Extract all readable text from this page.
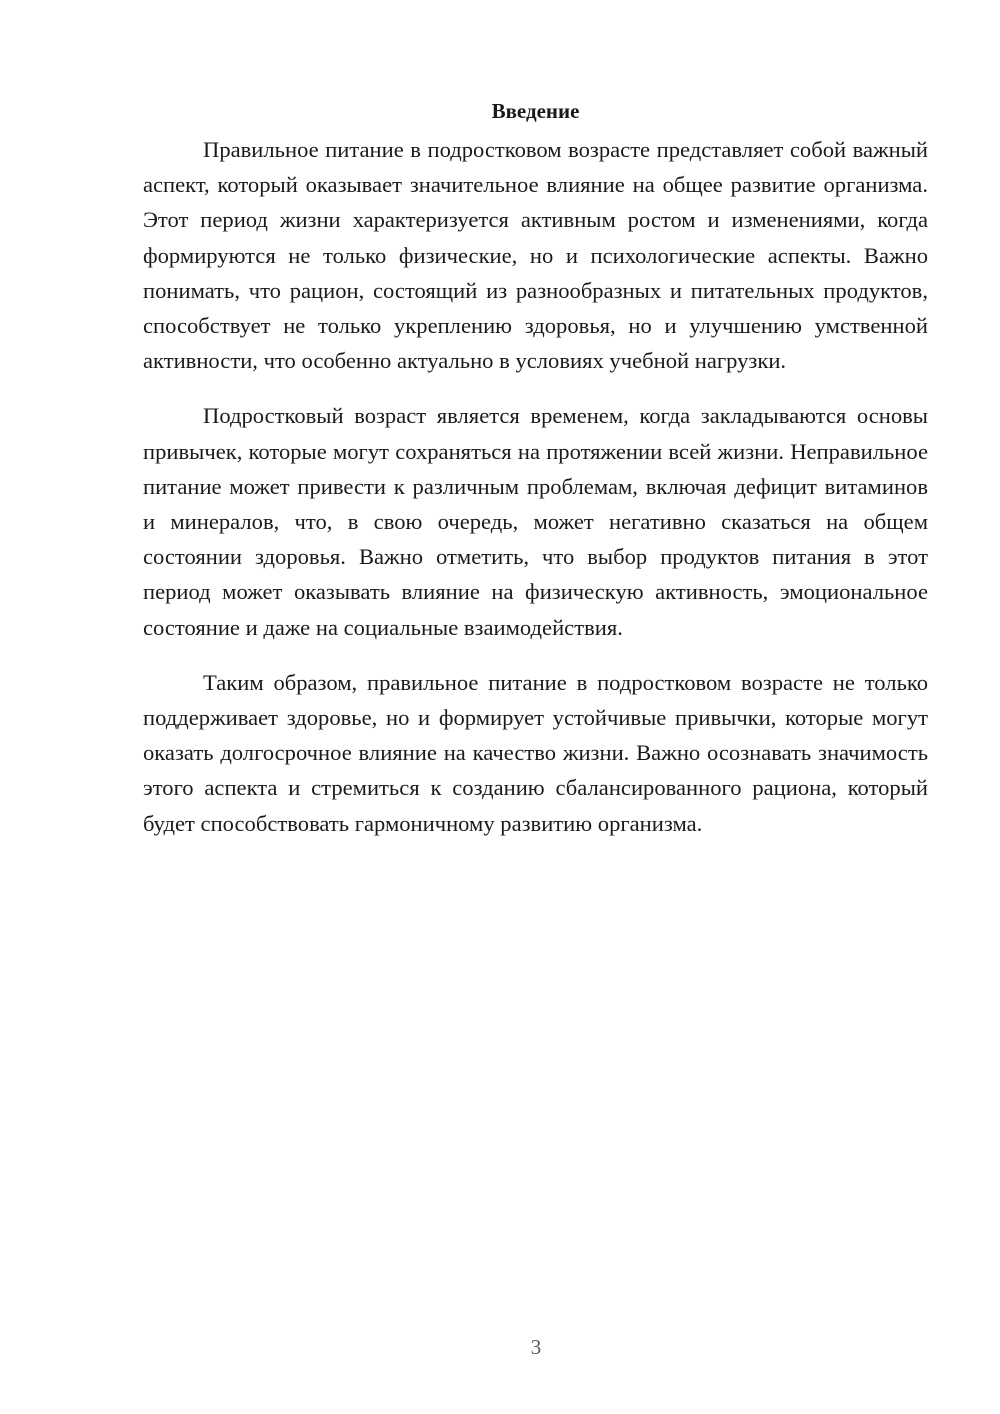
Введение

Правильное питание в подростковом возрасте представляет собой важный аспект, который оказывает значительное влияние на общее развитие организма. Этот период жизни характеризуется активным ростом и изменениями, когда формируются не только физические, но и психологические аспекты. Важно понимать, что рацион, состоящий из разнообразных и питательных продуктов, способствует не только укреплению здоровья, но и улучшению умственной активности, что особенно актуально в условиях учебной нагрузки.

Подростковый возраст является временем, когда закладываются основы привычек, которые могут сохраняться на протяжении всей жизни. Неправильное питание может привести к различным проблемам, включая дефицит витаминов и минералов, что, в свою очередь, может негативно сказаться на общем состоянии здоровья. Важно отметить, что выбор продуктов питания в этот период может оказывать влияние на физическую активность, эмоциональное состояние и даже на социальные взаимодействия.

Таким образом, правильное питание в подростковом возрасте не только поддерживает здоровье, но и формирует устойчивые привычки, которые могут оказать долгосрочное влияние на качество жизни. Важно осознавать значимость этого аспекта и стремиться к созданию сбалансированного рациона, который будет способствовать гармоничному развитию организма.

3
